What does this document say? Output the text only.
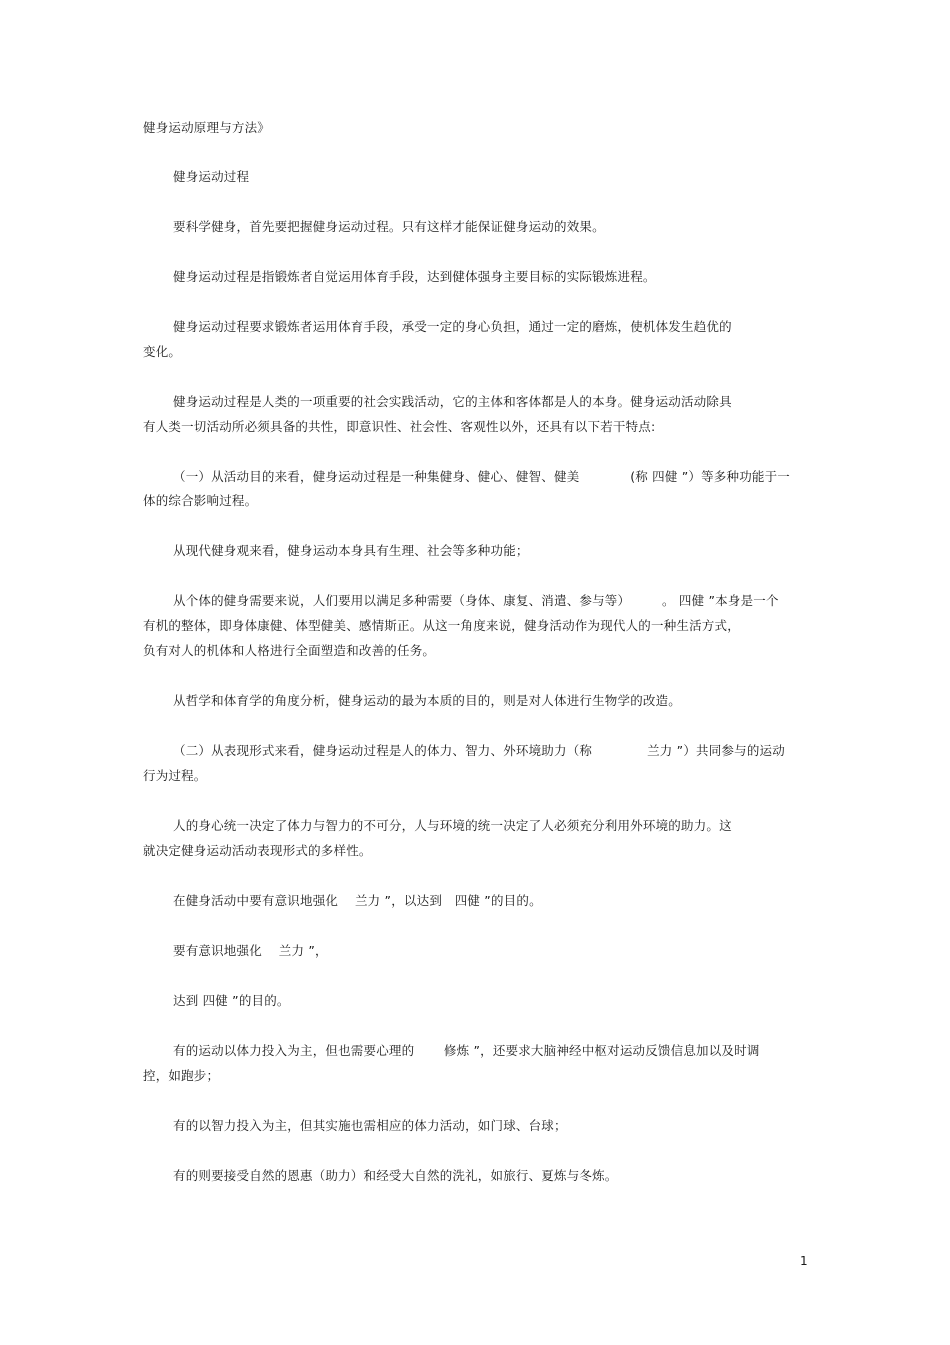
健身运动原理与方法》
健身运动过程
要科学健身，首先要把握健身运动过程。只有这样才能保证健身运动的效果。
健身运动过程是指锻炼者自觉运用体育手段，达到健体强身主要目标的实际锻炼进程。
健身运动过程要求锻炼者运用体育手段，承受一定的身心负担，通过一定的磨炼，使机体发生趋优的
变化。
健身运动过程是人类的一项重要的社会实践活动，它的主体和客体都是人的本身。健身运动活动除具
有人类一切活动所必须具备的共性，即意识性、社会性、客观性以外，还具有以下若干特点:
（一）从活动目的来看，健身运动过程是一种集健身、健心、健智、健美　　　　(称 四健 ”）等多种功能于一
体的综合影响过程。
从现代健身观来看，健身运动本身具有生理、社会等多种功能；
从个体的健身需要来说，人们要用以满足多种需要（身体、康复、消遣、参与等）　　　。 四健 ”本身是一个
有机的整体，即身体康健、体型健美、感情斯正。从这一角度来说，健身活动作为现代人的一种生活方式，
负有对人的机体和人格进行全面塑造和改善的任务。
从哲学和体育学的角度分析，健身运动的最为本质的目的，则是对人体进行生物学的改造。
（二）从表现形式来看，健身运动过程是人的体力、智力、外环境助力（称　　　　 兰力 ”）共同参与的运动
行为过程。
人的身心统一决定了体力与智力的不可分，人与环境的统一决定了人必须充分利用外环境的助力。这
就决定健身运动活动表现形式的多样性。
在健身活动中要有意识地强化　 兰力 ”，以达到　四健 ”的目的。
要有意识地强化　 兰力 ”，
达到 四健 ”的目的。
有的运动以体力投入为主，但也需要心理的　　 修炼 ”，还要求大脑神经中枢对运动反馈信息加以及时调
控，如跑步；
有的以智力投入为主，但其实施也需相应的体力活动，如门球、台球；
有的则要接受自然的恩惠（助力）和经受大自然的洗礼，如旅行、夏炼与冬炼。
1
